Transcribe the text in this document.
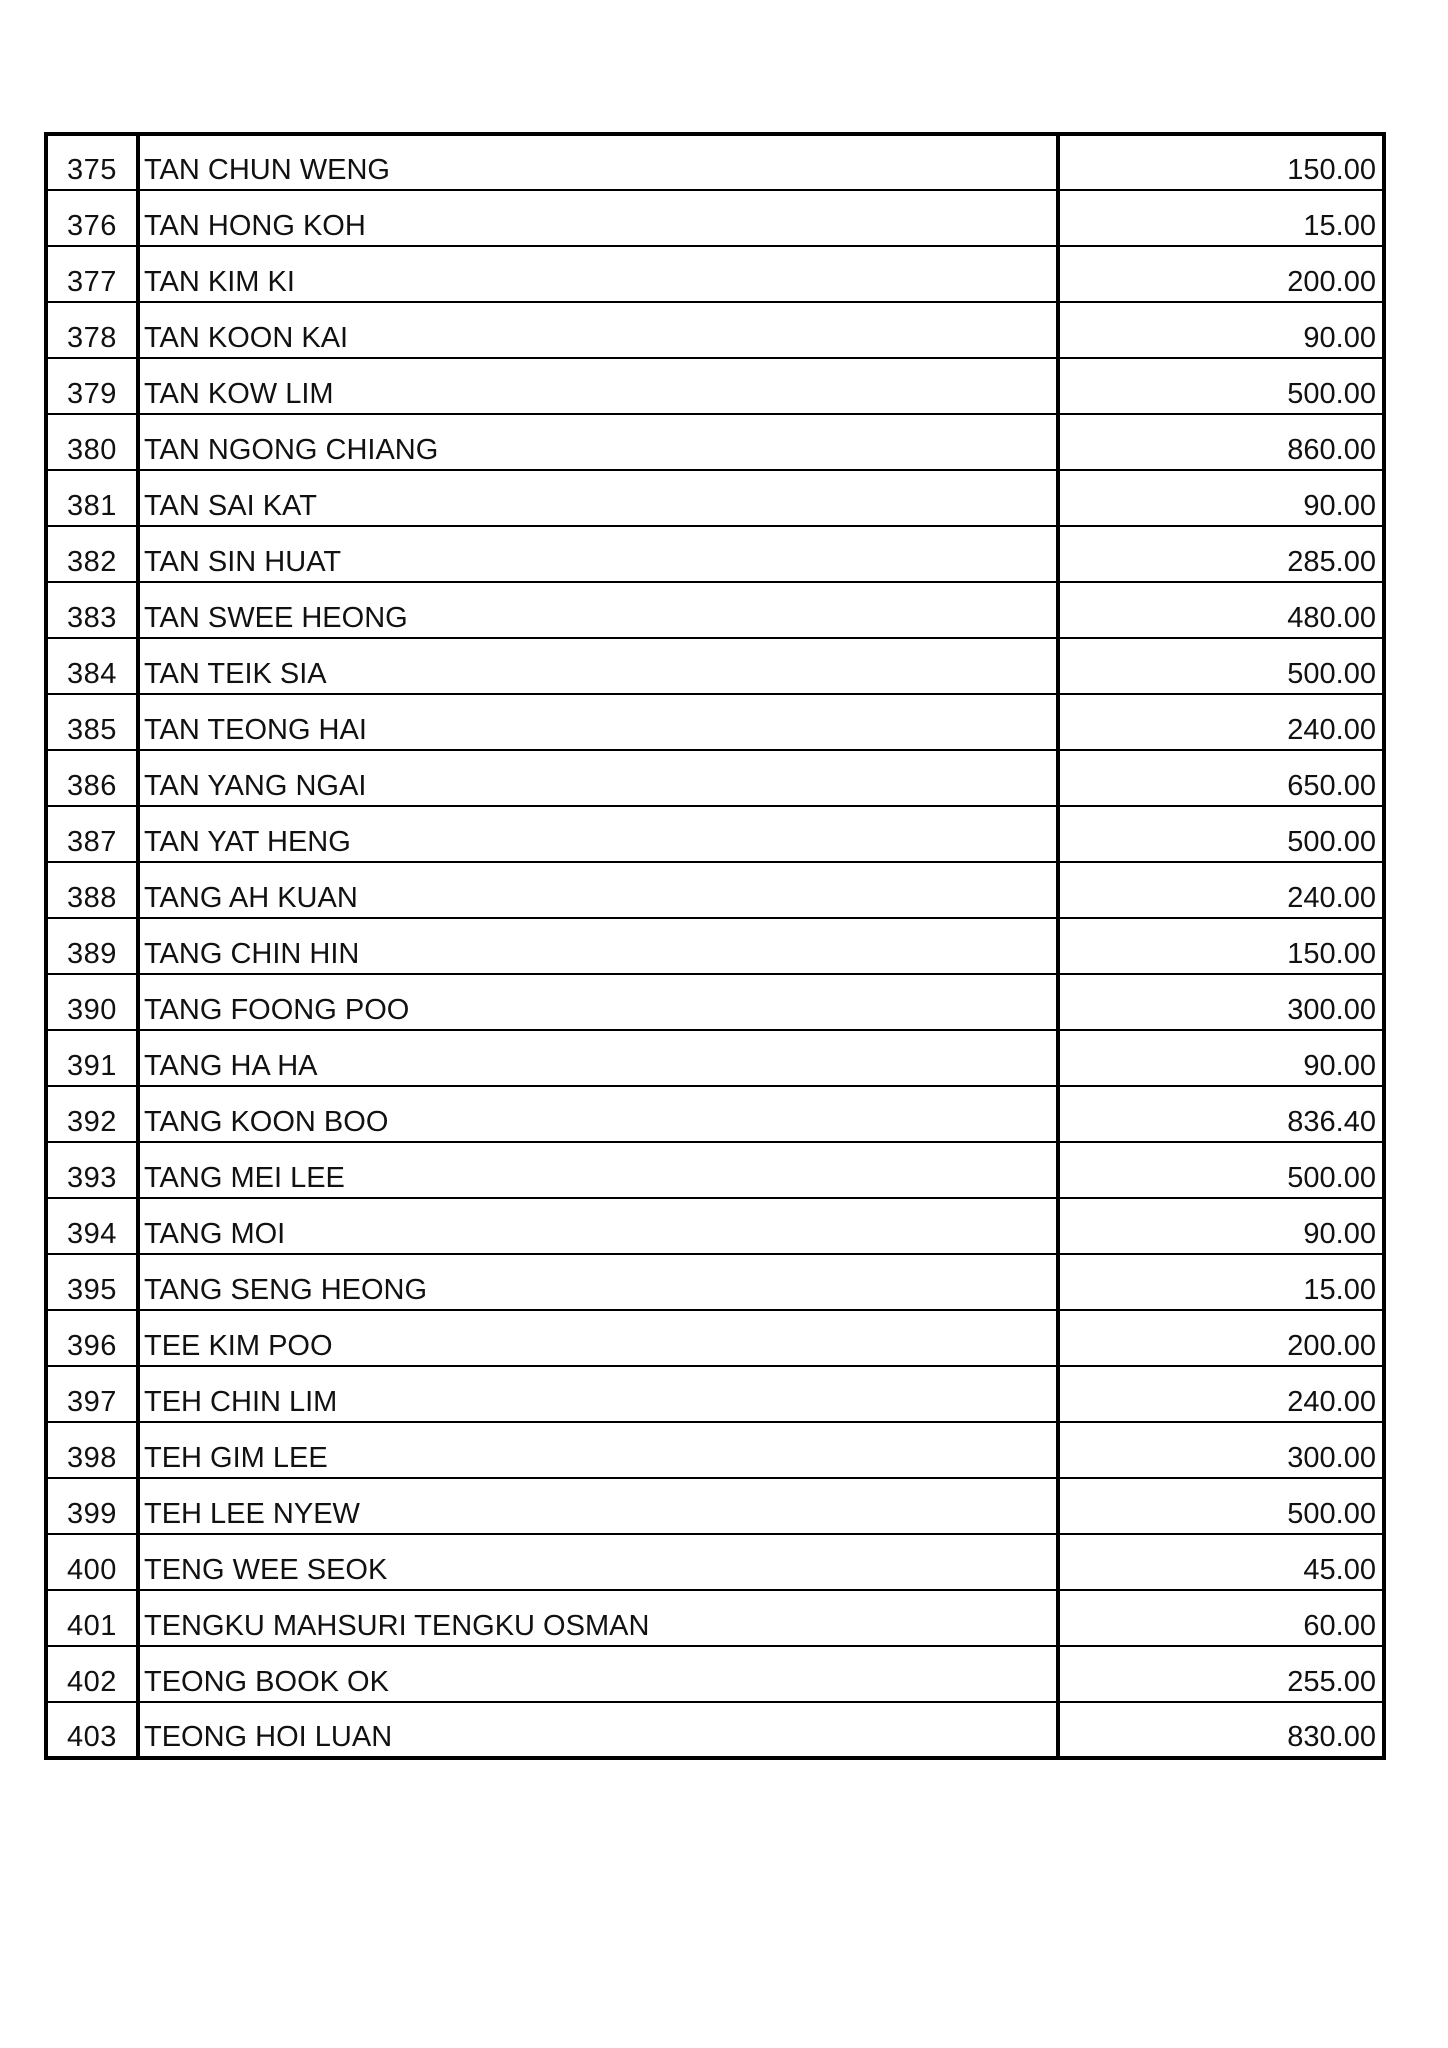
375	TAN CHUN WENG	150.00
376	TAN HONG KOH	15.00
377	TAN KIM KI	200.00
378	TAN KOON KAI	90.00
379	TAN KOW LIM	500.00
380	TAN NGONG CHIANG	860.00
381	TAN SAI KAT	90.00
382	TAN SIN HUAT	285.00
383	TAN SWEE HEONG	480.00
384	TAN TEIK SIA	500.00
385	TAN TEONG HAI	240.00
386	TAN YANG NGAI	650.00
387	TAN YAT HENG	500.00
388	TANG AH KUAN	240.00
389	TANG CHIN HIN	150.00
390	TANG FOONG POO	300.00
391	TANG HA HA	90.00
392	TANG KOON BOO	836.40
393	TANG MEI LEE	500.00
394	TANG MOI	90.00
395	TANG SENG HEONG	15.00
396	TEE KIM POO	200.00
397	TEH CHIN LIM	240.00
398	TEH GIM LEE	300.00
399	TEH LEE NYEW	500.00
400	TENG WEE SEOK	45.00
401	TENGKU MAHSURI TENGKU OSMAN	60.00
402	TEONG BOOK OK	255.00
403	TEONG HOI LUAN	830.00
